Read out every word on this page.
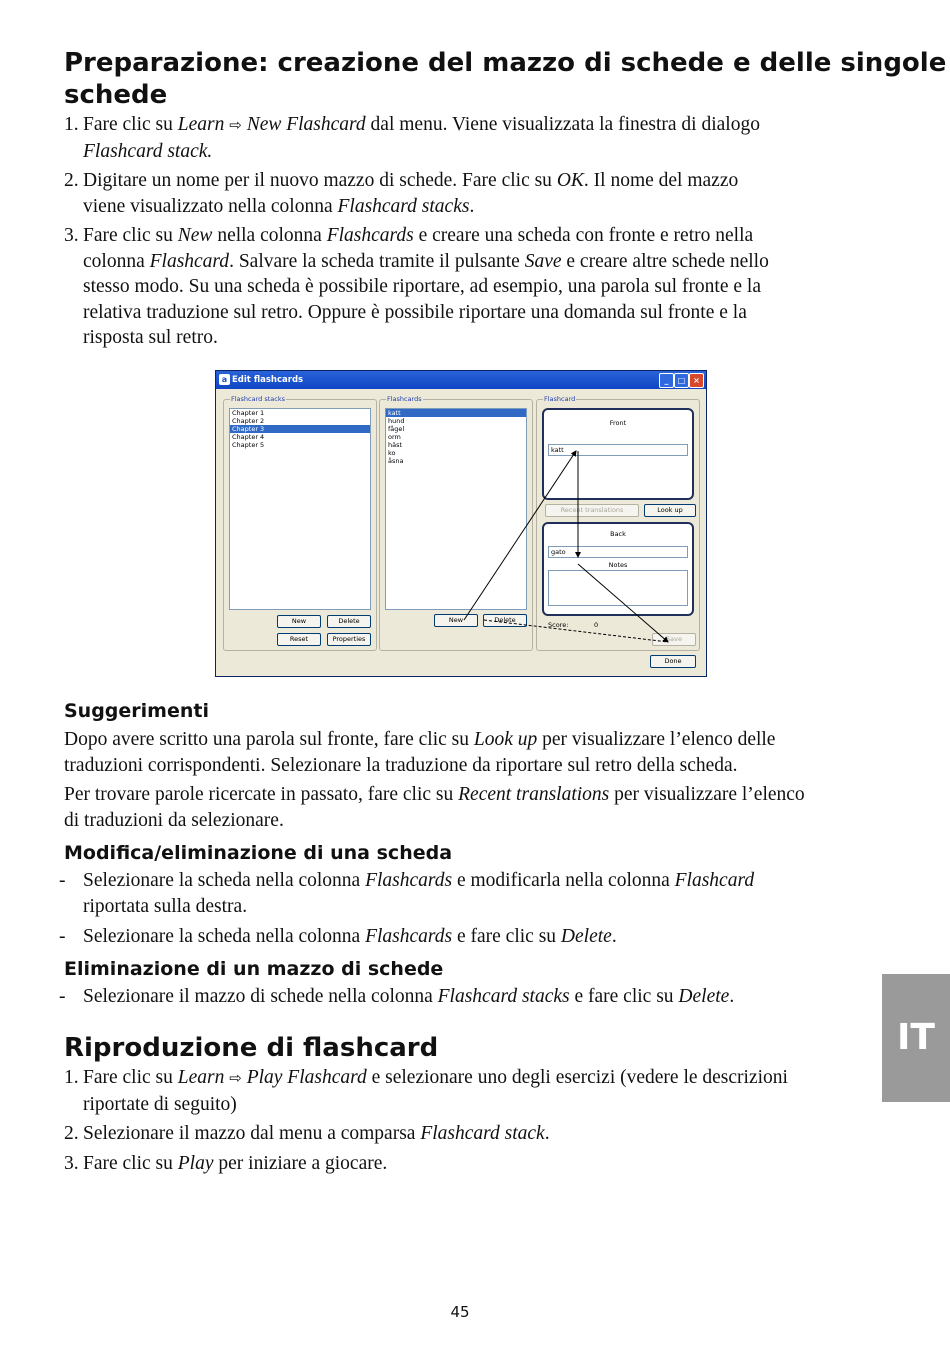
Preparazione: creazione del mazzo di schede e delle singole
schede
1. Fare clic su Learn ⇨ New Flashcard dal menu. Viene visualizzata la finestra di dialogo
Flashcard stack.
2. Digitare un nome per il nuovo mazzo di schede. Fare clic su OK. Il nome del mazzo
viene visualizzato nella colonna Flashcard stacks.
3. Fare clic su New nella colonna Flashcards e creare una scheda con fronte e retro nella
colonna Flashcard. Salvare la scheda tramite il pulsante Save e creare altre schede nello
stesso modo. Su una scheda è possibile riportare, ad esempio, una parola sul fronte e la
relativa traduzione sul retro. Oppure è possibile riportare una domanda sul fronte e la
risposta sul retro.
a Edit flashcards	_	□ ×
Flashcard stacks
Chapter 1
Chapter 2
Chapter 3
Chapter 4
Chapter 5
New	Delete
Reset	Properties
Flashcards
katt
hund
fågel
orm
häst
ko
åsna
New	Delete
Flashcard
Front
katt
Recent translations	Look up
Back
gato
Notes
Score:	0
Save
Done
Suggerimenti
Dopo avere scritto una parola sul fronte, fare clic su Look up per visualizzare l’elenco delle
traduzioni corrispondenti. Selezionare la traduzione da riportare sul retro della scheda.
Per trovare parole ricercate in passato, fare clic su Recent translations per visualizzare l’elenco
di traduzioni da selezionare.
Modifica/eliminazione di una scheda
- Selezionare la scheda nella colonna Flashcards e modificarla nella colonna Flashcard
riportata sulla destra.
- Selezionare la scheda nella colonna Flashcards e fare clic su Delete.
Eliminazione di un mazzo di schede
- Selezionare il mazzo di schede nella colonna Flashcard stacks e fare clic su Delete.
Riproduzione di flashcard
1. Fare clic su Learn ⇨ Play Flashcard e selezionare uno degli esercizi (vedere le descrizioni
riportate di seguito)
2. Selezionare il mazzo dal menu a comparsa Flashcard stack.
3. Fare clic su Play per iniziare a giocare.
IT
45
